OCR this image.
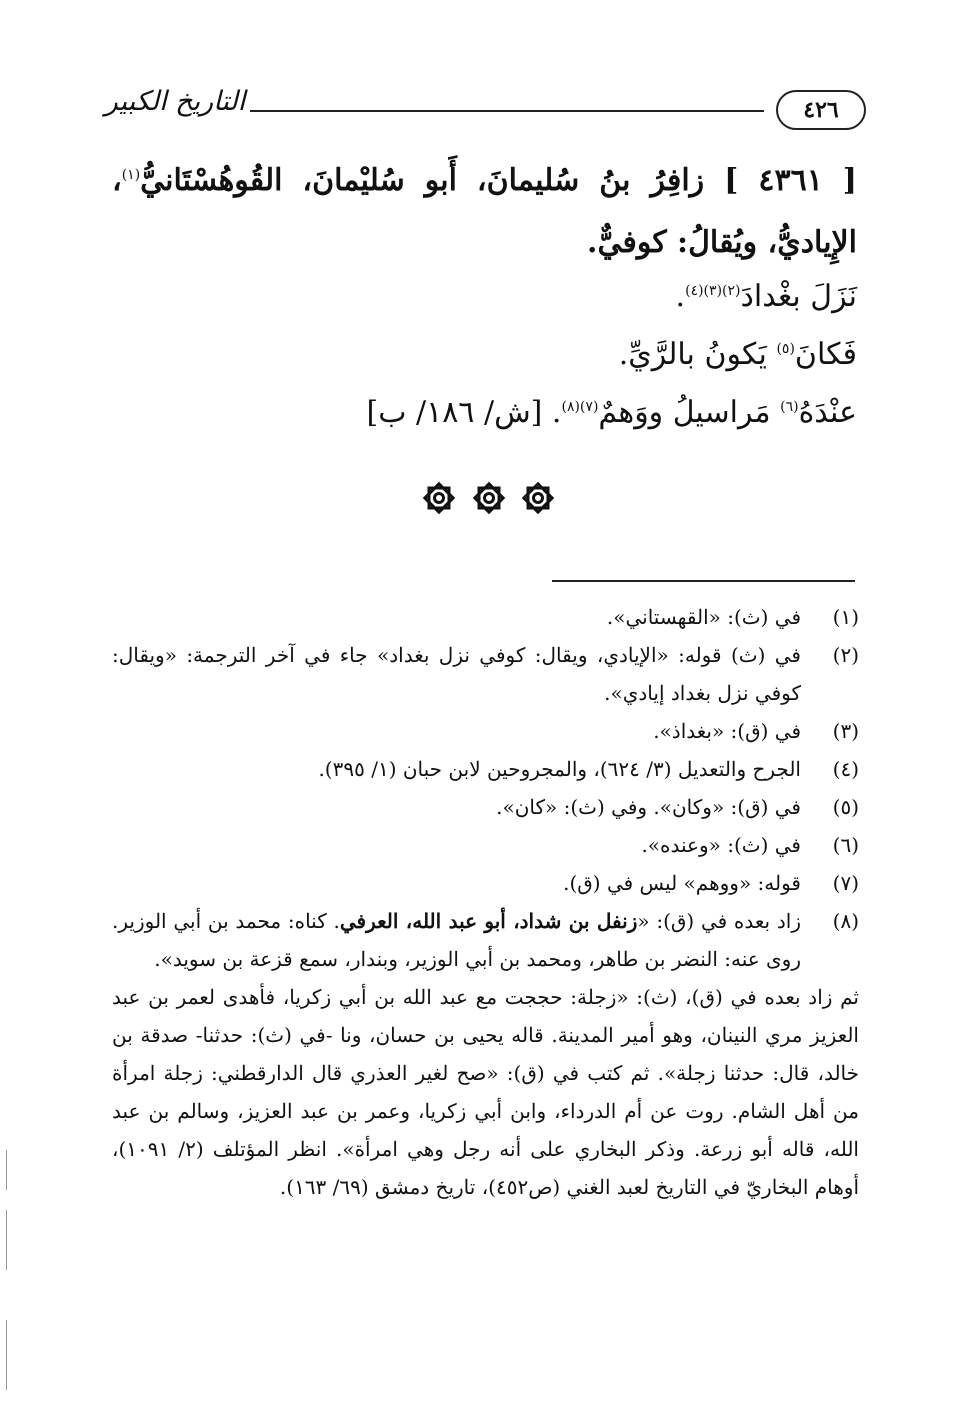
٤٢٦
التاريخ الكبير
[ ٤٣٦١ ] زافِرُ بنُ سُليمانَ، أَبو سُليْمانَ، القُوهُسْتَانيُّ$^{(١)}$، الإِياديُّ، ويُقالُ: كوفيٌّ.
نَزَلَ بغْدادَ$^{(٢)(٣)(٤)}$.
فَكانَ$^{(٥)}$ يَكونُ بالرَّيِّ.
عنْدَهُ$^{(٦)}$ مَراسيلُ ووَهمٌ$^{(٧)(٨)}$. [ش/ ١٨٦/ ب]

(١)
في (ث): «القهستاني».
(٢)
في (ث) قوله: «الإيادي، ويقال: كوفي نزل بغداد» جاء في آخر الترجمة: «ويقال: كوفي نزل بغداد إيادي».
(٣)
في (ق): «بغداذ».
(٤)
الجرح والتعديل (٣/ ٦٢٤)، والمجروحين لابن حبان (١/ ٣٩٥).
(٥)
في (ق): «وكان». وفي (ث): «كان».
(٦)
في (ث): «وعنده».
(٧)
قوله: «ووهم» ليس في (ق).
(٨)
زاد بعده في (ق): «زنفل بن شداد، أبو عبد الله، العرفي. كناه: محمد بن أبي الوزير. روى عنه: النضر بن طاهر، ومحمد بن أبي الوزير، وبندار، سمع قزعة بن سويد».
ثم زاد بعده في (ق)، (ث): «زجلة: حججت مع عبد الله بن أبي زكريا، فأهدى لعمر بن عبد العزيز مري النينان، وهو أمير المدينة. قاله يحيى بن حسان، ونا -في (ث): حدثنا- صدقة بن خالد، قال: حدثنا زجلة». ثم كتب في (ق): «صح لغير العذري قال الدارقطني: زجلة امرأة من أهل الشام. روت عن أم الدرداء، وابن أبي زكريا، وعمر بن عبد العزيز، وسالم بن عبد الله، قاله أبو زرعة. وذكر البخاري على أنه رجل وهي امرأة». انظر المؤتلف (٢/ ١٠٩١)، أوهام البخاريّ في التاريخ لعبد الغني (ص٤٥٢)، تاريخ دمشق (٦٩/ ١٦٣).
